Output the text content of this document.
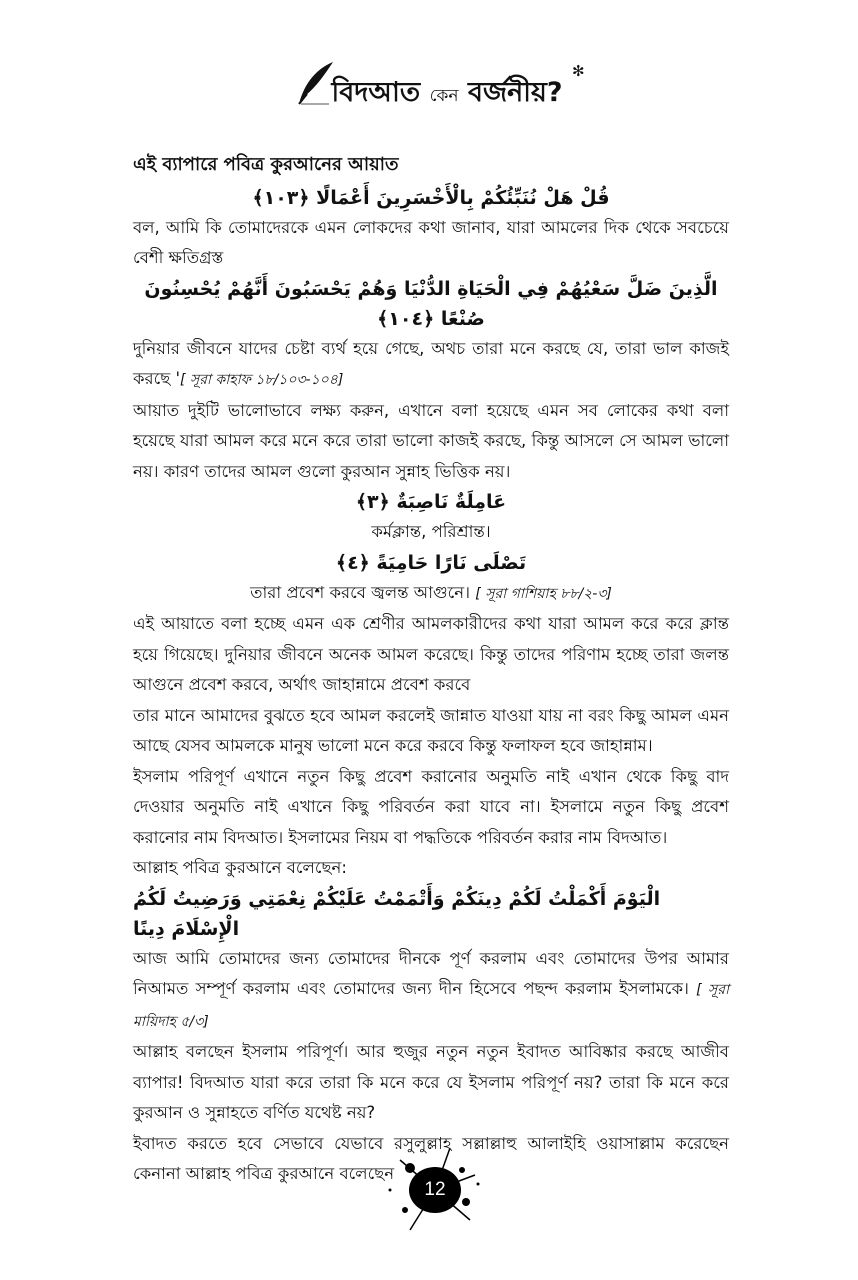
বিদআত কেন বর্জনীয়?
✻
এই ব্যাপারে পবিত্র কুরআনের আয়াত
قُلْ هَلْ نُنَبِّئُكُمْ بِالْأَخْسَرِينَ أَعْمَالًا ﴿١٠٣﴾

বল, আমি কি তোমাদেরকে এমন লোকদের কথা জানাব, যারা আমলের দিক থেকে সবচেয়ে বেশী ক্ষতিগ্রস্ত

الَّذِينَ ضَلَّ سَعْيُهُمْ فِي الْحَيَاةِ الدُّنْيَا وَهُمْ يَحْسَبُونَ أَنَّهُمْ يُحْسِنُونَ صُنْعًا ﴿١٠٤﴾

দুনিয়ার জীবনে যাদের চেষ্টা ব্যর্থ হয়ে গেছে, অথচ তারা মনে করছে যে, তারা ভাল কাজই করছে '[ সূরা কাহাফ ১৮/১০৩-১০৪]

আয়াত দুইটি ভালোভাবে লক্ষ্য করুন, এখানে বলা হয়েছে এমন সব লোকের কথা বলা হয়েছে যারা আমল করে মনে করে তারা ভালো কাজই করছে, কিন্তু আসলে সে আমল ভালো নয়। কারণ তাদের আমল গুলো কুরআন সুন্নাহ ভিত্তিক নয়।

عَامِلَةٌ نَاصِبَةٌ ﴿٣﴾

কর্মক্লান্ত, পরিশ্রান্ত।

تَصْلَى نَارًا حَامِيَةً ﴿٤﴾

তারা প্রবেশ করবে জ্বলন্ত আগুনে। [ সূরা গাশিয়াহ ৮৮/২-৩]

এই আয়াতে বলা হচ্ছে এমন এক শ্রেণীর আমলকারীদের কথা যারা আমল করে করে ক্লান্ত হয়ে গিয়েছে। দুনিয়ার জীবনে অনেক আমল করেছে। কিন্তু তাদের পরিণাম হচ্ছে তারা জলন্ত আগুনে প্রবেশ করবে, অর্থাৎ জাহান্নামে প্রবেশ করবে

তার মানে আমাদের বুঝতে হবে আমল করলেই জান্নাত যাওয়া যায় না বরং কিছু আমল এমন আছে যেসব আমলকে মানুষ ভালো মনে করে করবে কিন্তু ফলাফল হবে জাহান্নাম।

ইসলাম পরিপূর্ণ এখানে নতুন কিছু প্রবেশ করানোর অনুমতি নাই এখান থেকে কিছু বাদ দেওয়ার অনুমতি নাই এখানে কিছু পরিবর্তন করা যাবে না। ইসলামে নতুন কিছু প্রবেশ করানোর নাম বিদআত। ইসলামের নিয়ম বা পদ্ধতিকে পরিবর্তন করার নাম বিদআত।

আল্লাহ পবিত্র কুরআনে বলেছেন:

الْيَوْمَ أَكْمَلْتُ لَكُمْ دِينَكُمْ وَأَتْمَمْتُ عَلَيْكُمْ نِعْمَتِي وَرَضِيتُ لَكُمُ الْإِسْلَامَ دِينًا

আজ আমি তোমাদের জন্য তোমাদের দীনকে পূর্ণ করলাম এবং তোমাদের উপর আমার নিআমত সম্পূর্ণ করলাম এবং তোমাদের জন্য দীন হিসেবে পছন্দ করলাম ইসলামকে। [ সূরা মায়িদাহ ৫/৩]

আল্লাহ বলছেন ইসলাম পরিপূর্ণ। আর হুজুর নতুন নতুন ইবাদত আবিষ্কার করছে আজীব ব্যাপার! বিদআত যারা করে তারা কি মনে করে যে ইসলাম পরিপূর্ণ নয়? তারা কি মনে করে কুরআন ও সুন্নাহতে বর্ণিত যথেষ্ট নয়?

ইবাদত করতে হবে সেভাবে যেভাবে রসুলুল্লাহ সল্লাল্লাহু আলাইহি ওয়াসাল্লাম করেছেন কেনানা আল্লাহ পবিত্র কুরআনে বলেছেন

12
